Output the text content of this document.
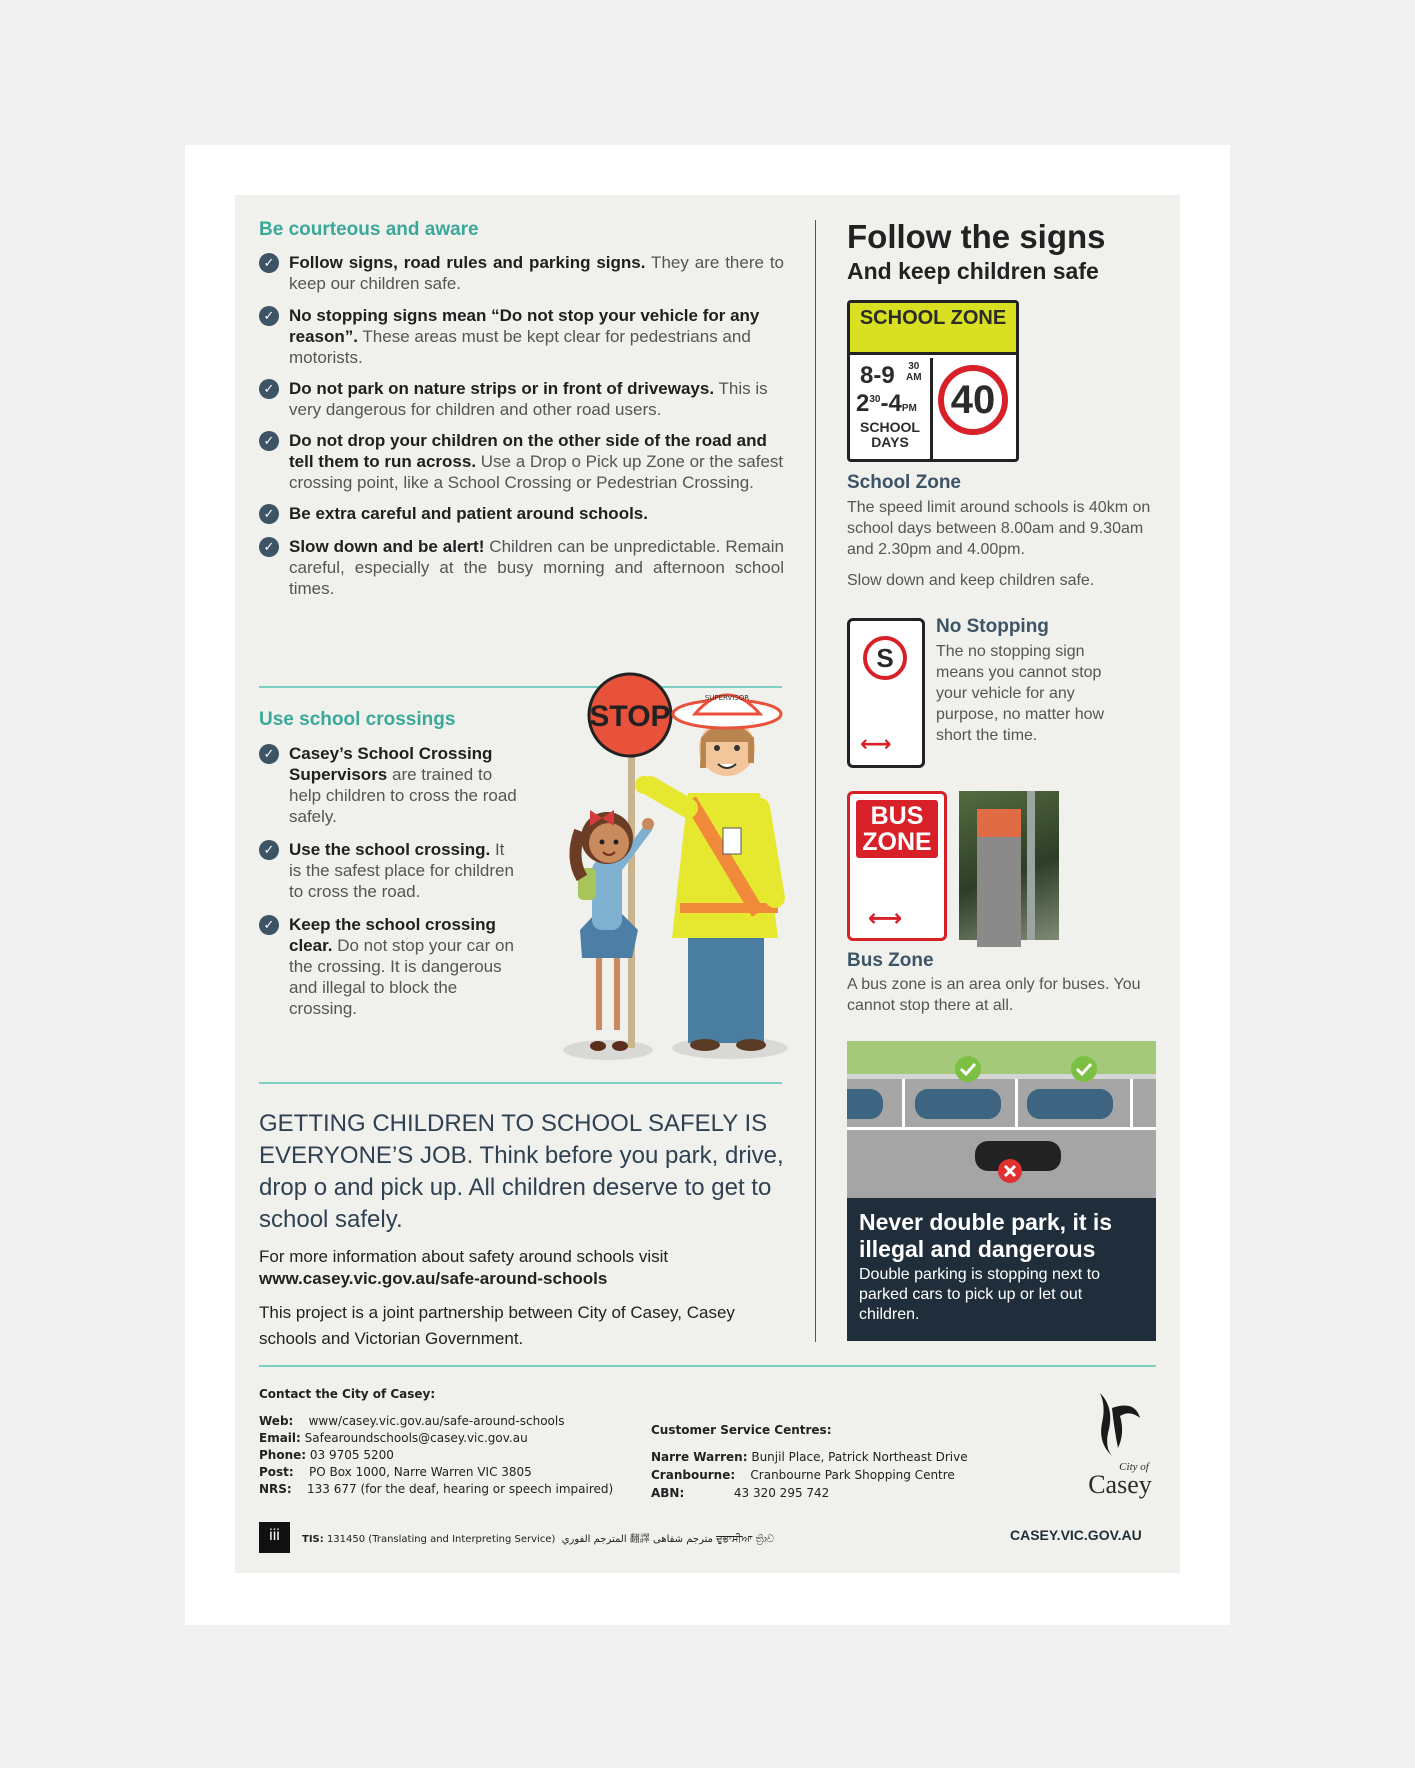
Be courteous and aware
✓ Follow signs, road rules and parking signs. They are there to keep our children safe.
✓ No stopping signs mean “Do not stop your vehicle for any reason”. These areas must be kept clear for pedestrians and motorists.
✓ Do not park on nature strips or in front of driveways. This is very dangerous for children and other road users.
✓ Do not drop your children on the other side of the road and tell them to run across. Use a Drop o Pick up Zone or the safest crossing point, like a School Crossing or Pedestrian Crossing.
✓ Be extra careful and patient around schools.
✓ Slow down and be alert! Children can be unpredictable. Remain careful, especially at the busy morning and afternoon school times.
Use school crossings
✓ Casey’s School Crossing Supervisors are trained to help children to cross the road safely.
✓ Use the school crossing. It is the safest place for children to cross the road.
✓ Keep the school crossing clear. Do not stop your car on the crossing. It is dangerous and illegal to block the crossing.
STOP
SUPERVISOR
GETTING CHILDREN TO SCHOOL SAFELY IS EVERYONE’S JOB. Think before you park, drive, drop o and pick up. All children deserve to get to school safely.
For more information about safety around schools visit
www.casey.vic.gov.au/safe-around-schools
This project is a joint partnership between City of Casey, Casey schools and Victorian Government.
Follow the signs
And keep children safe
SCHOOL ZONE
8-9 30
AM
$2^{30}-4PM$
SCHOOL DAYS
40
School Zone
The speed limit around schools is 40km on school days between 8.00am and 9.30am and 2.30pm and 4.00pm.
Slow down and keep children safe.
S
⟷
No Stopping
The no stopping sign means you cannot stop your vehicle for any purpose, no matter how short the time.
BUS ZONE
⟷
Bus Zone
A bus zone is an area only for buses. You cannot stop there at all.
Never double park, it is illegal and dangerous
Double parking is stopping next to parked cars to pick up or let out children.
Contact the City of Casey:
Web: www/casey.vic.gov.au/safe-around-schools
Email: Safearoundschools@casey.vic.gov.au
Phone: 03 9705 5200
Post: PO Box 1000, Narre Warren VIC 3805
NRS: 133 677 (for the deaf, hearing or speech impaired)
Customer Service Centres:
Narre Warren: Bunjil Place, Patrick Northeast Drive
Cranbourne: Cranbourne Park Shopping Centre
ABN:	43 320 295 742
City of
Casey
iii	TIS: 131450 (Translating and Interpreting Service) المترجم الفوري 翻譯 مترجم شفاهی ਦੁਭਾਸੀਆ ත්‍රිාව	CASEY.VIC.GOV.AU
